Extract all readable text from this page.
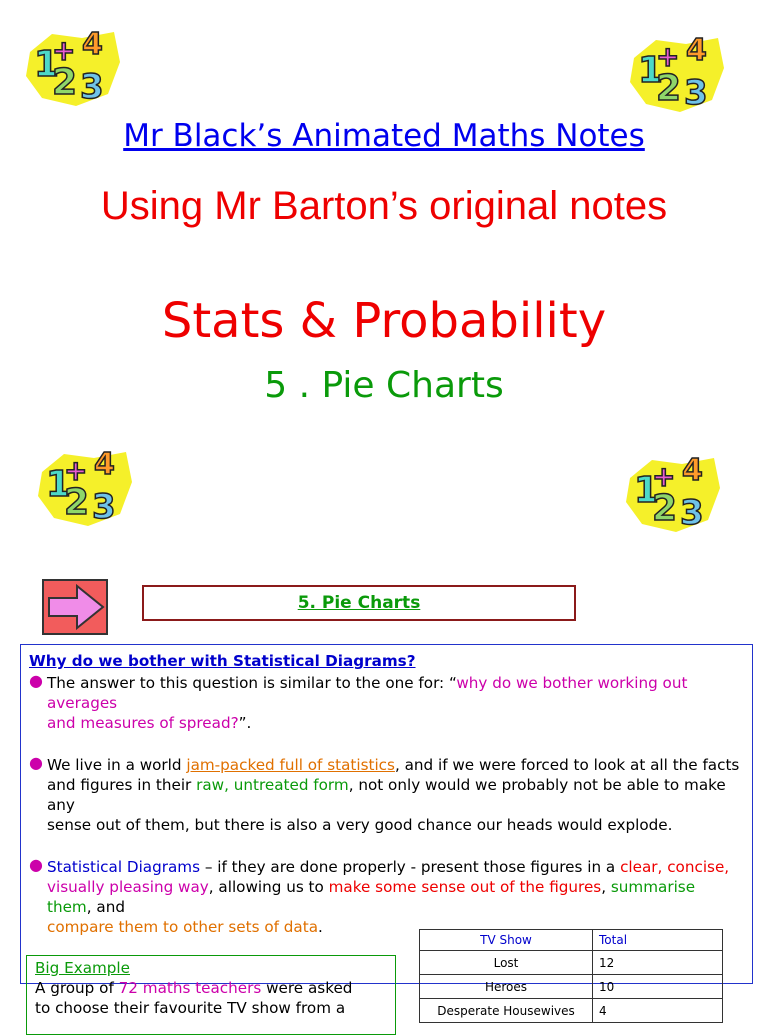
1
+ 4
2 3	1
+ 4
2 3
1
+ 4
2 3	1
+ 4
2 3
Mr Black’s Animated Maths Notes
Using Mr Barton’s original notes
Stats & Probability
5 . Pie Charts
5. Pie Charts
Why do we bother with Statistical Diagrams?
● The answer to this question is similar to the one for: “why do we bother working out averages
and measures of spread?”.
● We live in a world jam-packed full of statistics, and if we were forced to look at all the facts
and figures in their raw, untreated form, not only would we probably not be able to make any
sense out of them, but there is also a very good chance our heads would explode.
● Statistical Diagrams – if they are done properly - present those figures in a clear, concise,
visually pleasing way, allowing us to make some sense out of the figures, summarise them, and
compare them to other sets of data.
Big Example
A group of 72 maths teachers were asked
to choose their favourite TV show from a
TV Show	Total
Lost	12
Heroes	10
Desperate Housewives	4
